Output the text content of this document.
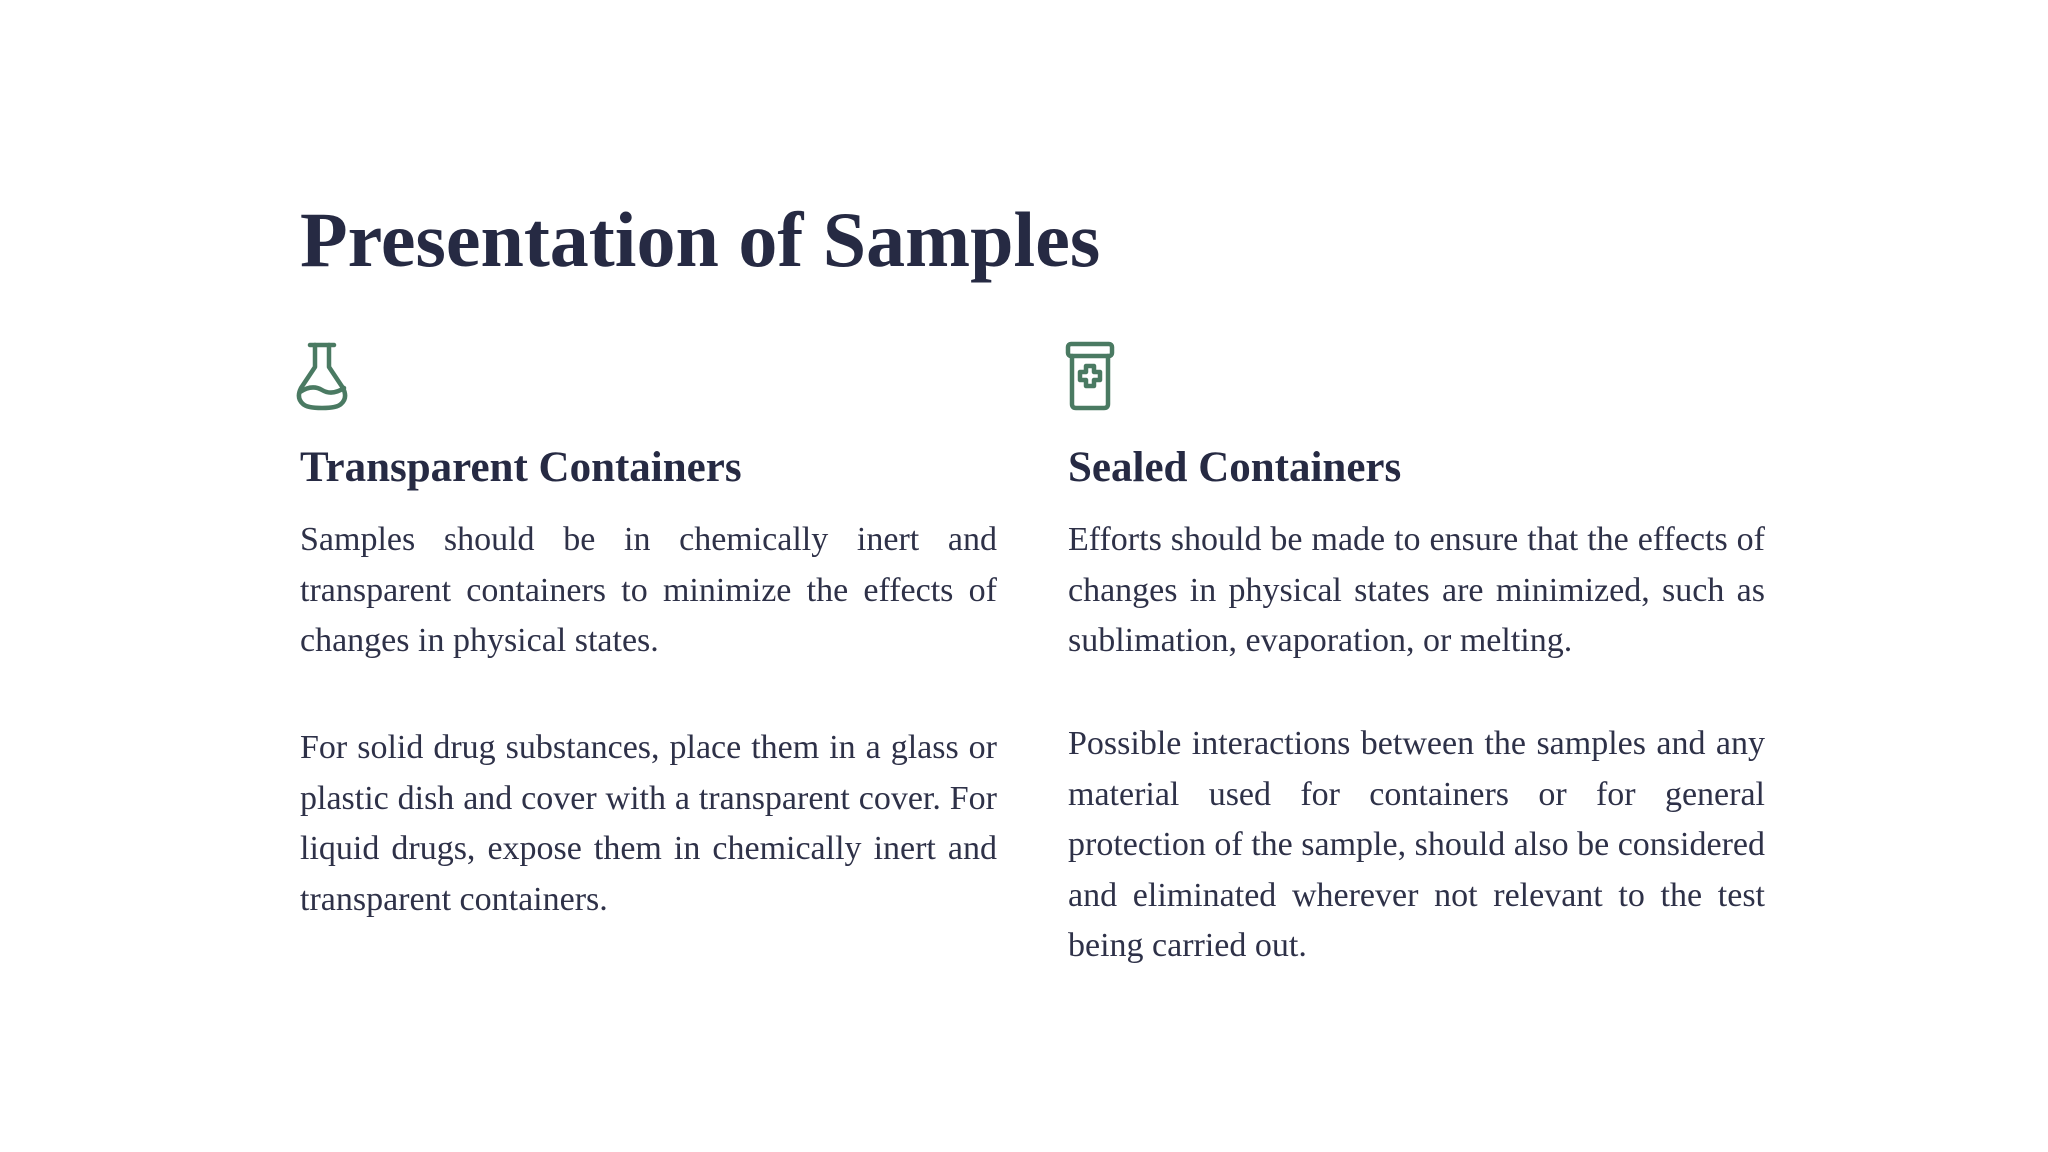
Presentation of Samples
Transparent Containers

Samples should be in chemically inert and transparent containers to minimize the effects of changes in physical states.

For solid drug substances, place them in a glass or plastic dish and cover with a transparent cover. For liquid drugs, expose them in chemically inert and transparent containers.

Sealed Containers

Efforts should be made to ensure that the effects of changes in physical states are minimized, such as sublimation, evaporation, or melting.

Possible interactions between the samples and any material used for containers or for general protection of the sample, should also be considered and eliminated wherever not relevant to the test being carried out.
